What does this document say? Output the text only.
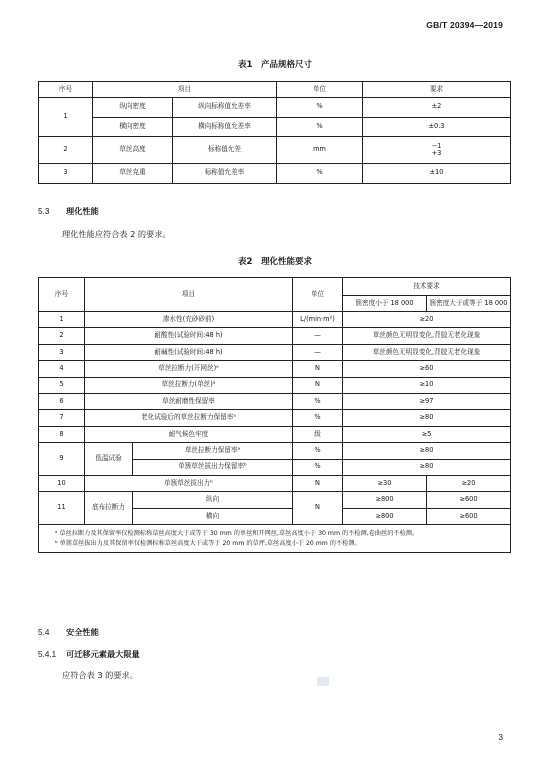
GB/T 20394—2019
表1　产品规格尺寸
序号	项目		单位	要求
1	纵向密度	纵向标称值允差率	%	±2
	横向密度	横向标称值允差率	%	±0.3
2	草丝高度	标称值允差	mm	−1
+3
3	草丝克重	标称值允差率	%	±10
5.3 理化性能
理化性能应符合表 2 的要求。
表2　理化性能要求
序号	项目		单位	技术要求	
				簇密度小于 18 000	簇密度大于或等于 18 000
1	渗水性(充砂砂前)		L/(min·m²)	≥20	
2	耐酸性(试验时间:48 h)		—	草丝颜色无明显变化,背胶无老化现象	
3	耐碱性(试验时间:48 h)		—	草丝颜色无明显变化,背胶无老化现象	
4	草丝拉断力(开网丝)ᵃ		N	≥60	
5	草丝拉断力(单丝)ᵃ		N	≥10	
6	草丝耐磨性保留率		%	≥97	
7	老化试验后的草丝拉断力保留率ᵃ		%	≥80	
8	耐气候色牢度		级	≥5	
9	低温试验	草丝拉断力保留率ᵃ	%	≥80	
		单簇草丝拔出力保留率ᵇ	%	≥80	
10	单簇草丝拔出力ᵇ		N	≥30	≥20
11	底布拉断力	纵向	N	≥800	≥600
		横向		≥800	≥600

ᵃ 草丝拉断力及其保留率仅检测标称草丝高度大于或等于 30 mm 的单丝和开网丝,草丝高度小于 30 mm 的不检测,卷曲丝的不检测。
ᵇ 单簇草丝拔出力及其保留率仅检测标称草丝高度大于或等于 20 mm 的草坪,草丝高度小于 20 mm 的不检测。					
5.4 安全性能
5.4.1 可迁移元素最大限量
应符合表 3 的要求。
3
